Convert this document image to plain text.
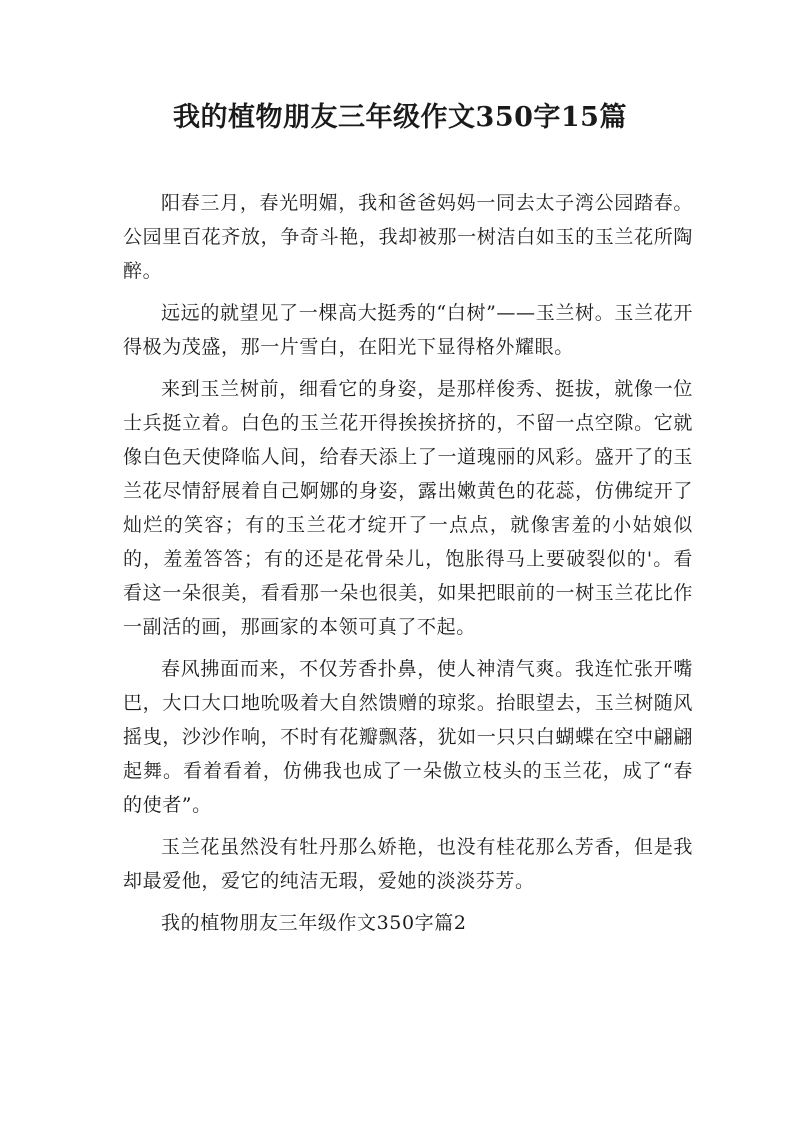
我的植物朋友三年级作文350字15篇

阳春三月，春光明媚，我和爸爸妈妈一同去太子湾公园踏春。公园里百花齐放，争奇斗艳，我却被那一树洁白如玉的玉兰花所陶醉。

远远的就望见了一棵高大挺秀的“白树”——玉兰树。玉兰花开得极为茂盛，那一片雪白，在阳光下显得格外耀眼。

来到玉兰树前，细看它的身姿，是那样俊秀、挺拔，就像一位士兵挺立着。白色的玉兰花开得挨挨挤挤的，不留一点空隙。它就像白色天使降临人间，给春天添上了一道瑰丽的风彩。盛开了的玉兰花尽情舒展着自己婀娜的身姿，露出嫩黄色的花蕊，仿佛绽开了灿烂的笑容；有的玉兰花才绽开了一点点，就像害羞的小姑娘似的，羞羞答答；有的还是花骨朵儿，饱胀得马上要破裂似的'。看看这一朵很美，看看那一朵也很美，如果把眼前的一树玉兰花比作一副活的画，那画家的本领可真了不起。

春风拂面而来，不仅芳香扑鼻，使人神清气爽。我连忙张开嘴巴，大口大口地吮吸着大自然馈赠的琼浆。抬眼望去，玉兰树随风摇曳，沙沙作响，不时有花瓣飘落，犹如一只只白蝴蝶在空中翩翩起舞。看着看着，仿佛我也成了一朵傲立枝头的玉兰花，成了“春的使者”。

玉兰花虽然没有牡丹那么娇艳，也没有桂花那么芳香，但是我却最爱他，爱它的纯洁无瑕，爱她的淡淡芬芳。

我的植物朋友三年级作文350字篇2
